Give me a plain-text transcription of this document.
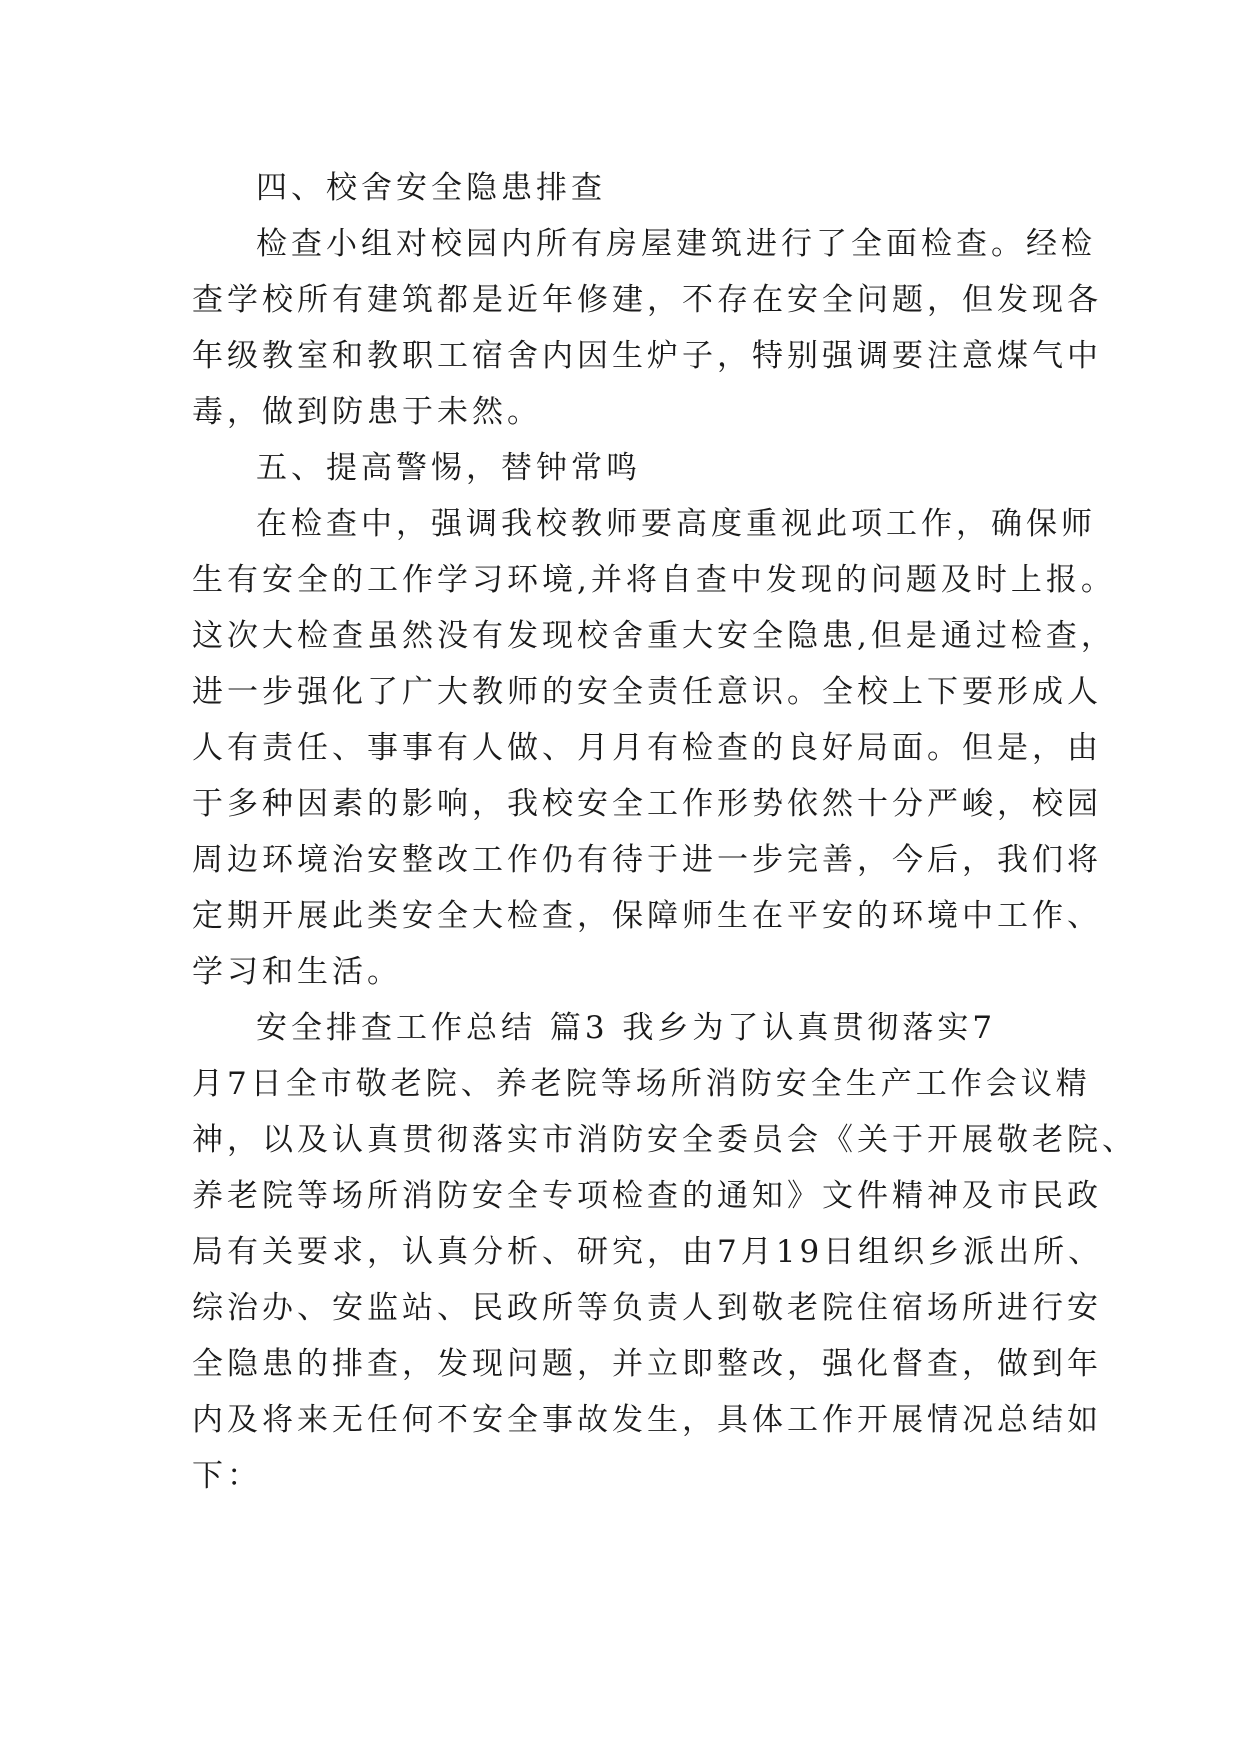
四、校舍安全隐患排查
检查小组对校园内所有房屋建筑进行了全面检查。经检
查学校所有建筑都是近年修建，不存在安全问题，但发现各
年级教室和教职工宿舍内因生炉子，特别强调要注意煤气中
毒，做到防患于未然。
五、提高警惕，替钟常鸣
在检查中，强调我校教师要高度重视此项工作，确保师
生有安全的工作学习环境,并将自查中发现的问题及时上报。
这次大检查虽然没有发现校舍重大安全隐患,但是通过检查，
进一步强化了广大教师的安全责任意识。全校上下要形成人
人有责任、事事有人做、月月有检查的良好局面。但是，由
于多种因素的影响，我校安全工作形势依然十分严峻，校园
周边环境治安整改工作仍有待于进一步完善，今后，我们将
定期开展此类安全大检查，保障师生在平安的环境中工作、
学习和生活。
安全排查工作总结 篇3 我乡为了认真贯彻落实7
月7日全市敬老院、养老院等场所消防安全生产工作会议精
神，以及认真贯彻落实市消防安全委员会《关于开展敬老院、
养老院等场所消防安全专项检查的通知》文件精神及市民政
局有关要求，认真分析、研究，由7月19日组织乡派出所、
综治办、安监站、民政所等负责人到敬老院住宿场所进行安
全隐患的排查，发现问题，并立即整改，强化督查，做到年
内及将来无任何不安全事故发生，具体工作开展情况总结如
下：
